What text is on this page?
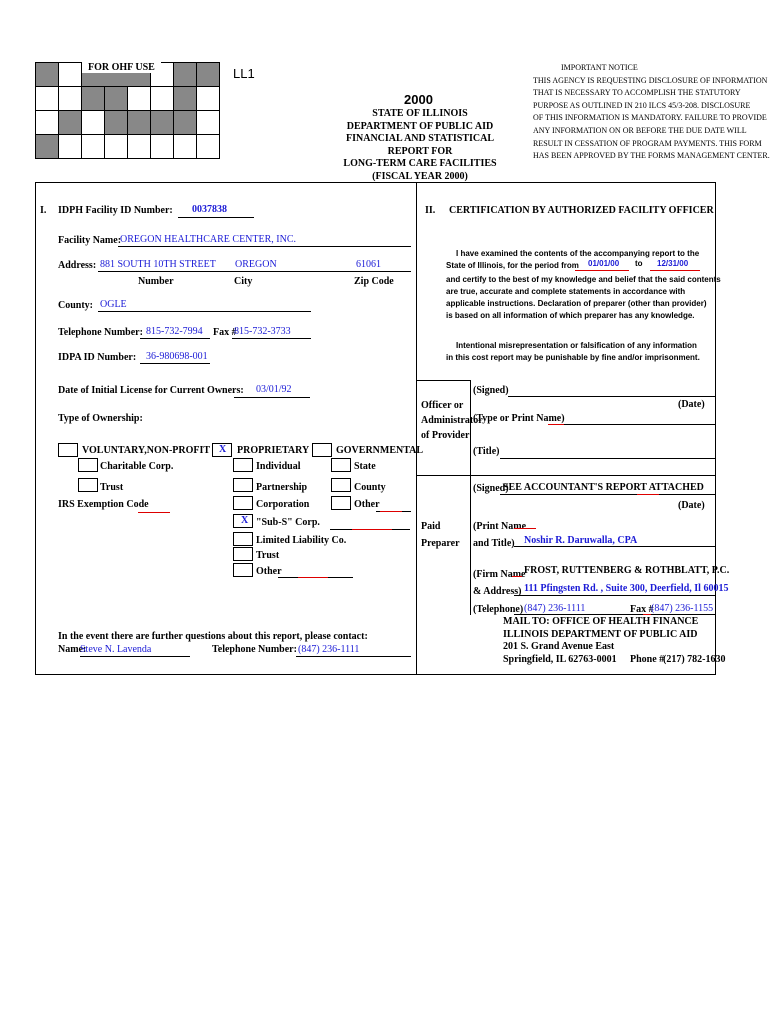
FOR OHF USE	LL1
2000
STATE OF ILLINOIS
DEPARTMENT OF PUBLIC AID
FINANCIAL AND STATISTICAL REPORT FOR
LONG-TERM CARE FACILITIES
(FISCAL YEAR 2000)
IMPORTANT NOTICE
THIS AGENCY IS REQUESTING DISCLOSURE OF INFORMATION
THAT IS NECESSARY TO ACCOMPLISH THE STATUTORY
PURPOSE AS OUTLINED IN 210 ILCS 45/3-208. DISCLOSURE
OF THIS INFORMATION IS MANDATORY. FAILURE TO PROVIDE
ANY INFORMATION ON OR BEFORE THE DUE DATE WILL
RESULT IN CESSATION OF PROGRAM PAYMENTS. THIS FORM
HAS BEEN APPROVED BY THE FORMS MANAGEMENT CENTER.
I. IDPH Facility ID Number: 0037838
Facility Name:
OREGON HEALTHCARE CENTER, INC.
Address: 881 SOUTH 10TH STREET OREGON	61061
Number	City	Zip Code
County: OGLE
Telephone Number: 815-732-7994 Fax #
815-732-3733
IDPA ID Number: 36-980698-001
Date of Initial License for Current Owners: 03/01/92
Type of Ownership:
VOLUNTARY,NON-PROFIT
Charitable Corp.
Trust
IRS Exemption Code
X PROPRIETARY
Individual
Partnership
Corporation
X "Sub-S" Corp.
Limited Liability Co.
Trust
Other
GOVERNMENTAL
State
County
Other
In the event there are further questions about this report, please contact:
Name:
Steve N. Lavenda	Telephone Number: (847) 236-1111
II. CERTIFICATION BY AUTHORIZED FACILITY OFFICER
I have examined the contents of the accompanying report to the
State of Illinois, for the period from 01/01/00 to 12/31/00
and certify to the best of my knowledge and belief that the said contents
are true, accurate and complete statements in accordance with
applicable instructions. Declaration of preparer (other than provider)
is based on all information of which preparer has any knowledge.
Intentional misrepresentation or falsification of any information
in this cost report may be punishable by fine and/or imprisonment.
Officer or
Administrator
of Provider
(Signed)
(Date)
(Type or Print Name)
(Title)
Paid
Preparer
(Signed)
SEE ACCOUNTANT'S REPORT ATTACHED
(Date)
(Print Name
and Title) Noshir R. Daruwalla, CPA
(Firm Name
& Address)
FROST, RUTTENBERG & ROTHBLATT, P.C.
111 Pfingsten Rd. , Suite 300, Deerfield, Il 60015
(Telephone) (847) 236-1111	Fax #
(847) 236-1155
MAIL TO: OFFICE OF HEALTH FINANCE
ILLINOIS DEPARTMENT OF PUBLIC AID
201 S. Grand Avenue East
Springfield, IL 62763-0001	Phone #
(217) 782-1630
